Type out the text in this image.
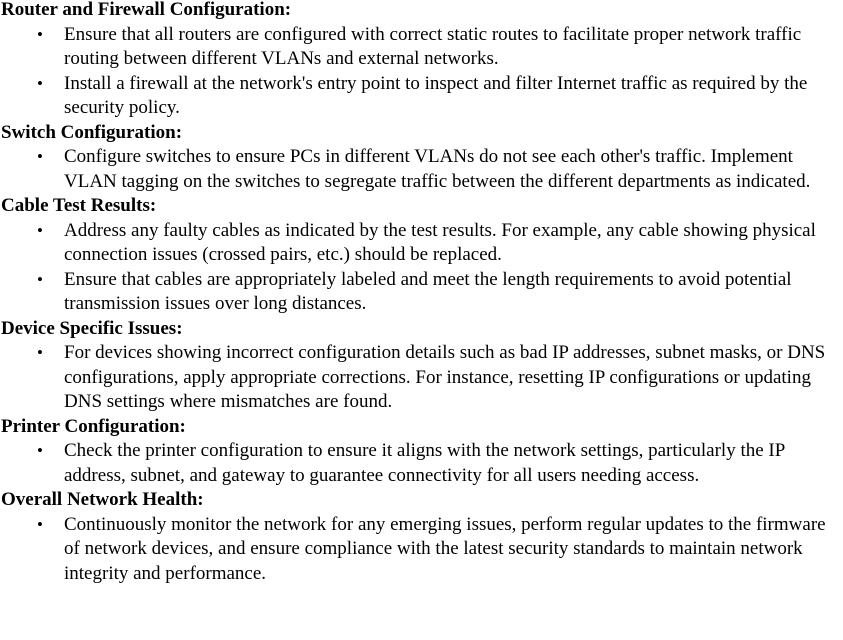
Router and Firewall Configuration:
• Ensure that all routers are configured with correct static routes to facilitate proper network traffic routing between different VLANs and external networks.
• Install a firewall at the network's entry point to inspect and filter Internet traffic as required by the security policy.
Switch Configuration:
• Configure switches to ensure PCs in different VLANs do not see each other's traffic. Implement VLAN tagging on the switches to segregate traffic between the different departments as indicated.
Cable Test Results:
• Address any faulty cables as indicated by the test results. For example, any cable showing physical connection issues (crossed pairs, etc.) should be replaced.
• Ensure that cables are appropriately labeled and meet the length requirements to avoid potential transmission issues over long distances.
Device Specific Issues:
• For devices showing incorrect configuration details such as bad IP addresses, subnet masks, or DNS configurations, apply appropriate corrections. For instance, resetting IP configurations or updating DNS settings where mismatches are found.
Printer Configuration:
• Check the printer configuration to ensure it aligns with the network settings, particularly the IP address, subnet, and gateway to guarantee connectivity for all users needing access.
Overall Network Health:
• Continuously monitor the network for any emerging issues, perform regular updates to the firmware of network devices, and ensure compliance with the latest security standards to maintain network integrity and performance.
